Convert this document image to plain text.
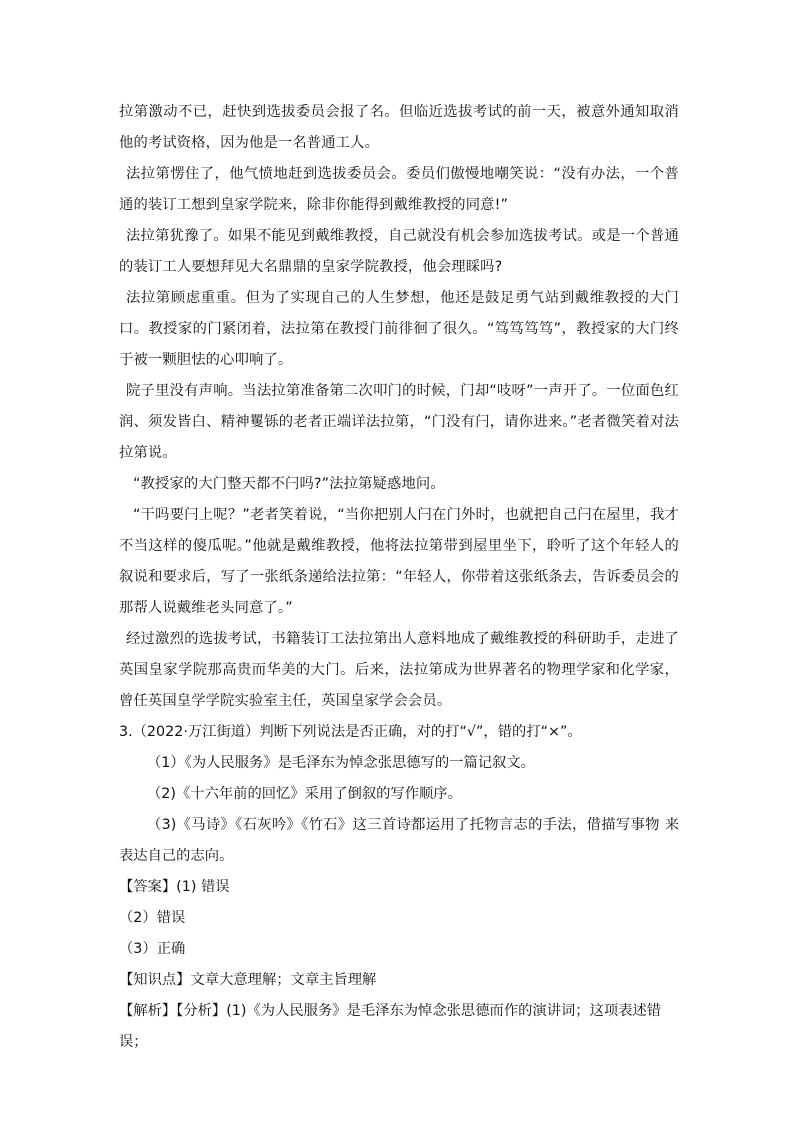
拉第激动不已，赶快到选拔委员会报了名。但临近选拔考试的前一天，被意外通知取消他的考试资格，因为他是一名普通工人。

法拉第愣住了，他气愤地赶到选拔委员会。委员们傲慢地嘲笑说：“没有办法，一个普通的装订工想到皇家学院来，除非你能得到戴维教授的同意!”

法拉第犹豫了。如果不能见到戴维教授，自己就没有机会参加选拔考试。或是一个普通的装订工人要想拜见大名鼎鼎的皇家学院教授，他会理睬吗?

法拉第顾虑重重。但为了实现自己的人生梦想，他还是鼓足勇气站到戴维教授的大门口。教授家的门紧闭着，法拉第在教授门前徘徊了很久。“笃笃笃笃”，教授家的大门终于被一颗胆怯的心叩响了。

院子里没有声响。当法拉第准备第二次叩门的时候，门却“吱呀”一声开了。一位面色红润、须发皆白、精神矍铄的老者正端详法拉第，“门没有闩，请你进来。”老者微笑着对法拉第说。

“教授家的大门整天都不闩吗?”法拉第疑惑地问。

“干吗要闩上呢？”老者笑着说，“当你把别人闩在门外时，也就把自己闩在屋里，我才不当这样的傻瓜呢。”他就是戴维教授，他将法拉第带到屋里坐下，聆听了这个年轻人的叙说和要求后，写了一张纸条递给法拉第：“年轻人，你带着这张纸条去，告诉委员会的那帮人说戴维老头同意了。”

经过激烈的选拔考试，书籍装订工法拉第出人意料地成了戴维教授的科研助手，走进了英国皇家学院那高贵而华美的大门。后来，法拉第成为世界著名的物理学家和化学家，曾任英国皇学学院实验室主任，英国皇家学会会员。

3.（2022·万江街道）判断下列说法是否正确，对的打“√”，错的打“×”。

（1）《为人民服务》是毛泽东为悼念张思德写的一篇记叙文。

（2)《十六年前的回忆》采用了倒叙的写作顺序。

（3)《马诗》《石灰吟》《竹石》这三首诗都运用了托物言志的手法，借描写事物 来表达自己的志向。

【答案】(1) 错误

（2）错误

（3）正确

【知识点】文章大意理解；文章主旨理解

【解析】【分析】(1)《为人民服务》是毛泽东为悼念张思德而作的演讲词；这项表述错误；
